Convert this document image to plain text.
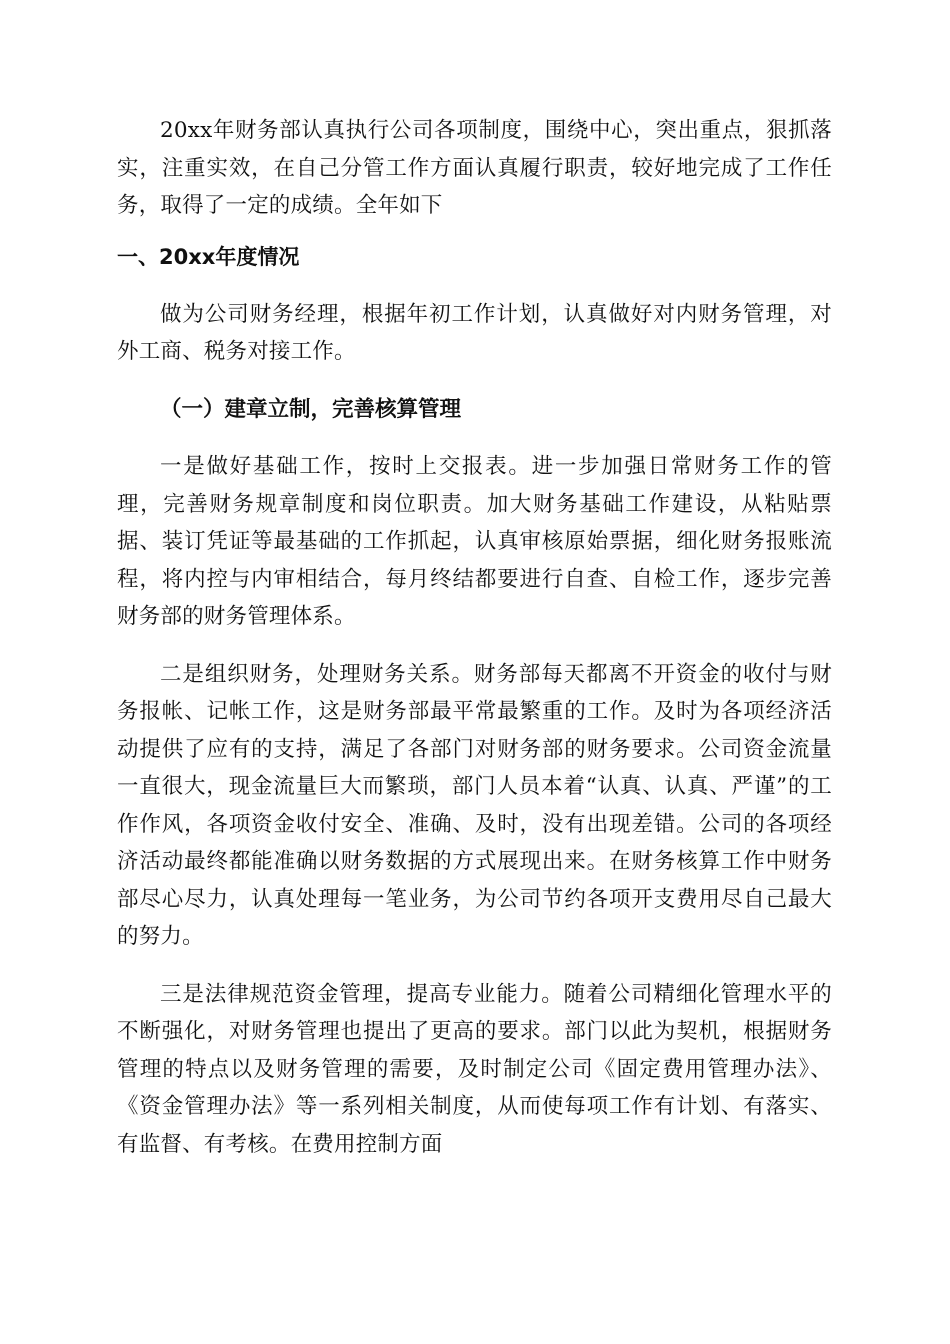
20xx年财务部认真执行公司各项制度，围绕中心，突出重点，狠抓落实，注重实效，在自己分管工作方面认真履行职责，较好地完成了工作任务，取得了一定的成绩。全年如下

一、20xx年度情况

做为公司财务经理，根据年初工作计划，认真做好对内财务管理，对外工商、税务对接工作。

（一）建章立制，完善核算管理

一是做好基础工作，按时上交报表。进一步加强日常财务工作的管理，完善财务规章制度和岗位职责。加大财务基础工作建设，从粘贴票据、装订凭证等最基础的工作抓起，认真审核原始票据，细化财务报账流程，将内控与内审相结合，每月终结都要进行自查、自检工作，逐步完善财务部的财务管理体系。

二是组织财务，处理财务关系。财务部每天都离不开资金的收付与财务报帐、记帐工作，这是财务部最平常最繁重的工作。及时为各项经济活动提供了应有的支持，满足了各部门对财务部的财务要求。公司资金流量一直很大，现金流量巨大而繁琐，部门人员本着“认真、认真、严谨”的工作作风，各项资金收付安全、准确、及时，没有出现差错。公司的各项经济活动最终都能准确以财务数据的方式展现出来。在财务核算工作中财务部尽心尽力，认真处理每一笔业务，为公司节约各项开支费用尽自己最大的努力。

三是法律规范资金管理，提高专业能力。随着公司精细化管理水平的不断强化，对财务管理也提出了更高的要求。部门以此为契机，根据财务管理的特点以及财务管理的需要，及时制定公司《固定费用管理办法》、《资金管理办法》等一系列相关制度，从而使每项工作有计划、有落实、有监督、有考核。在费用控制方面
